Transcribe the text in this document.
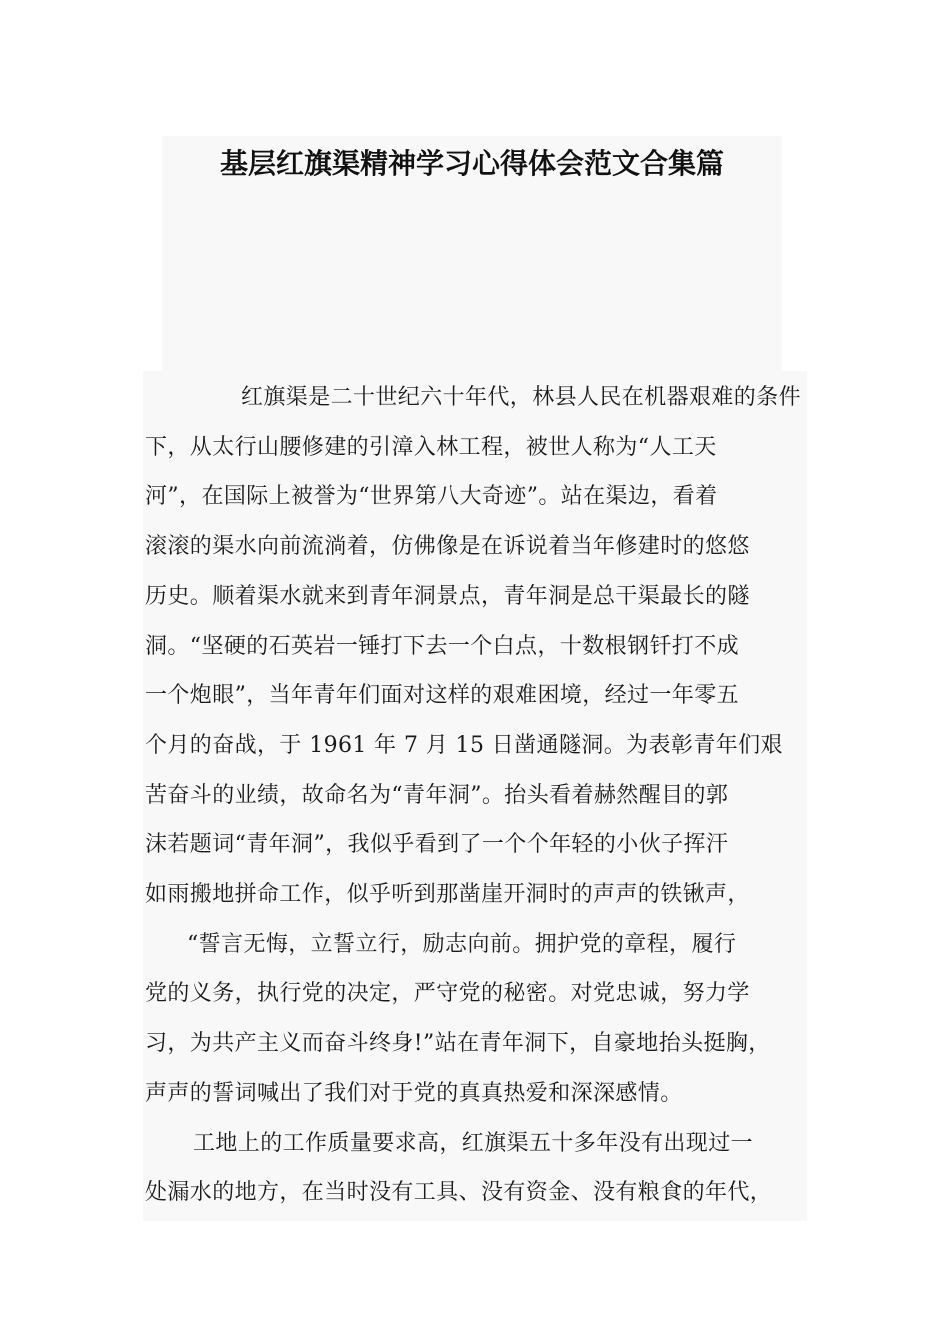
基层红旗渠精神学习心得体会范文合集篇

红旗渠是二十世纪六十年代，林县人民在机器艰难的条件
下，从太行山腰修建的引漳入林工程，被世人称为“人工天
河”，在国际上被誉为“世界第八大奇迹”。站在渠边，看着
滚滚的渠水向前流淌着，仿佛像是在诉说着当年修建时的悠悠
历史。顺着渠水就来到青年洞景点，青年洞是总干渠最长的隧
洞。“坚硬的石英岩一锤打下去一个白点，十数根钢钎打不成
一个炮眼”，当年青年们面对这样的艰难困境，经过一年零五
个月的奋战，于 1961 年 7 月 15 日凿通隧洞。为表彰青年们艰
苦奋斗的业绩，故命名为“青年洞”。抬头看着赫然醒目的郭
沫若题词“青年洞”，我似乎看到了一个个年轻的小伙子挥汗
如雨搬地拼命工作，似乎听到那凿崖开洞时的声声的铁锹声，

“誓言无悔，立誓立行，励志向前。拥护党的章程，履行
党的义务，执行党的决定，严守党的秘密。对党忠诚，努力学
习，为共产主义而奋斗终身!”站在青年洞下，自豪地抬头挺胸，
声声的誓词喊出了我们对于党的真真热爱和深深感情。

工地上的工作质量要求高，红旗渠五十多年没有出现过一
处漏水的地方，在当时没有工具、没有资金、没有粮食的年代，
